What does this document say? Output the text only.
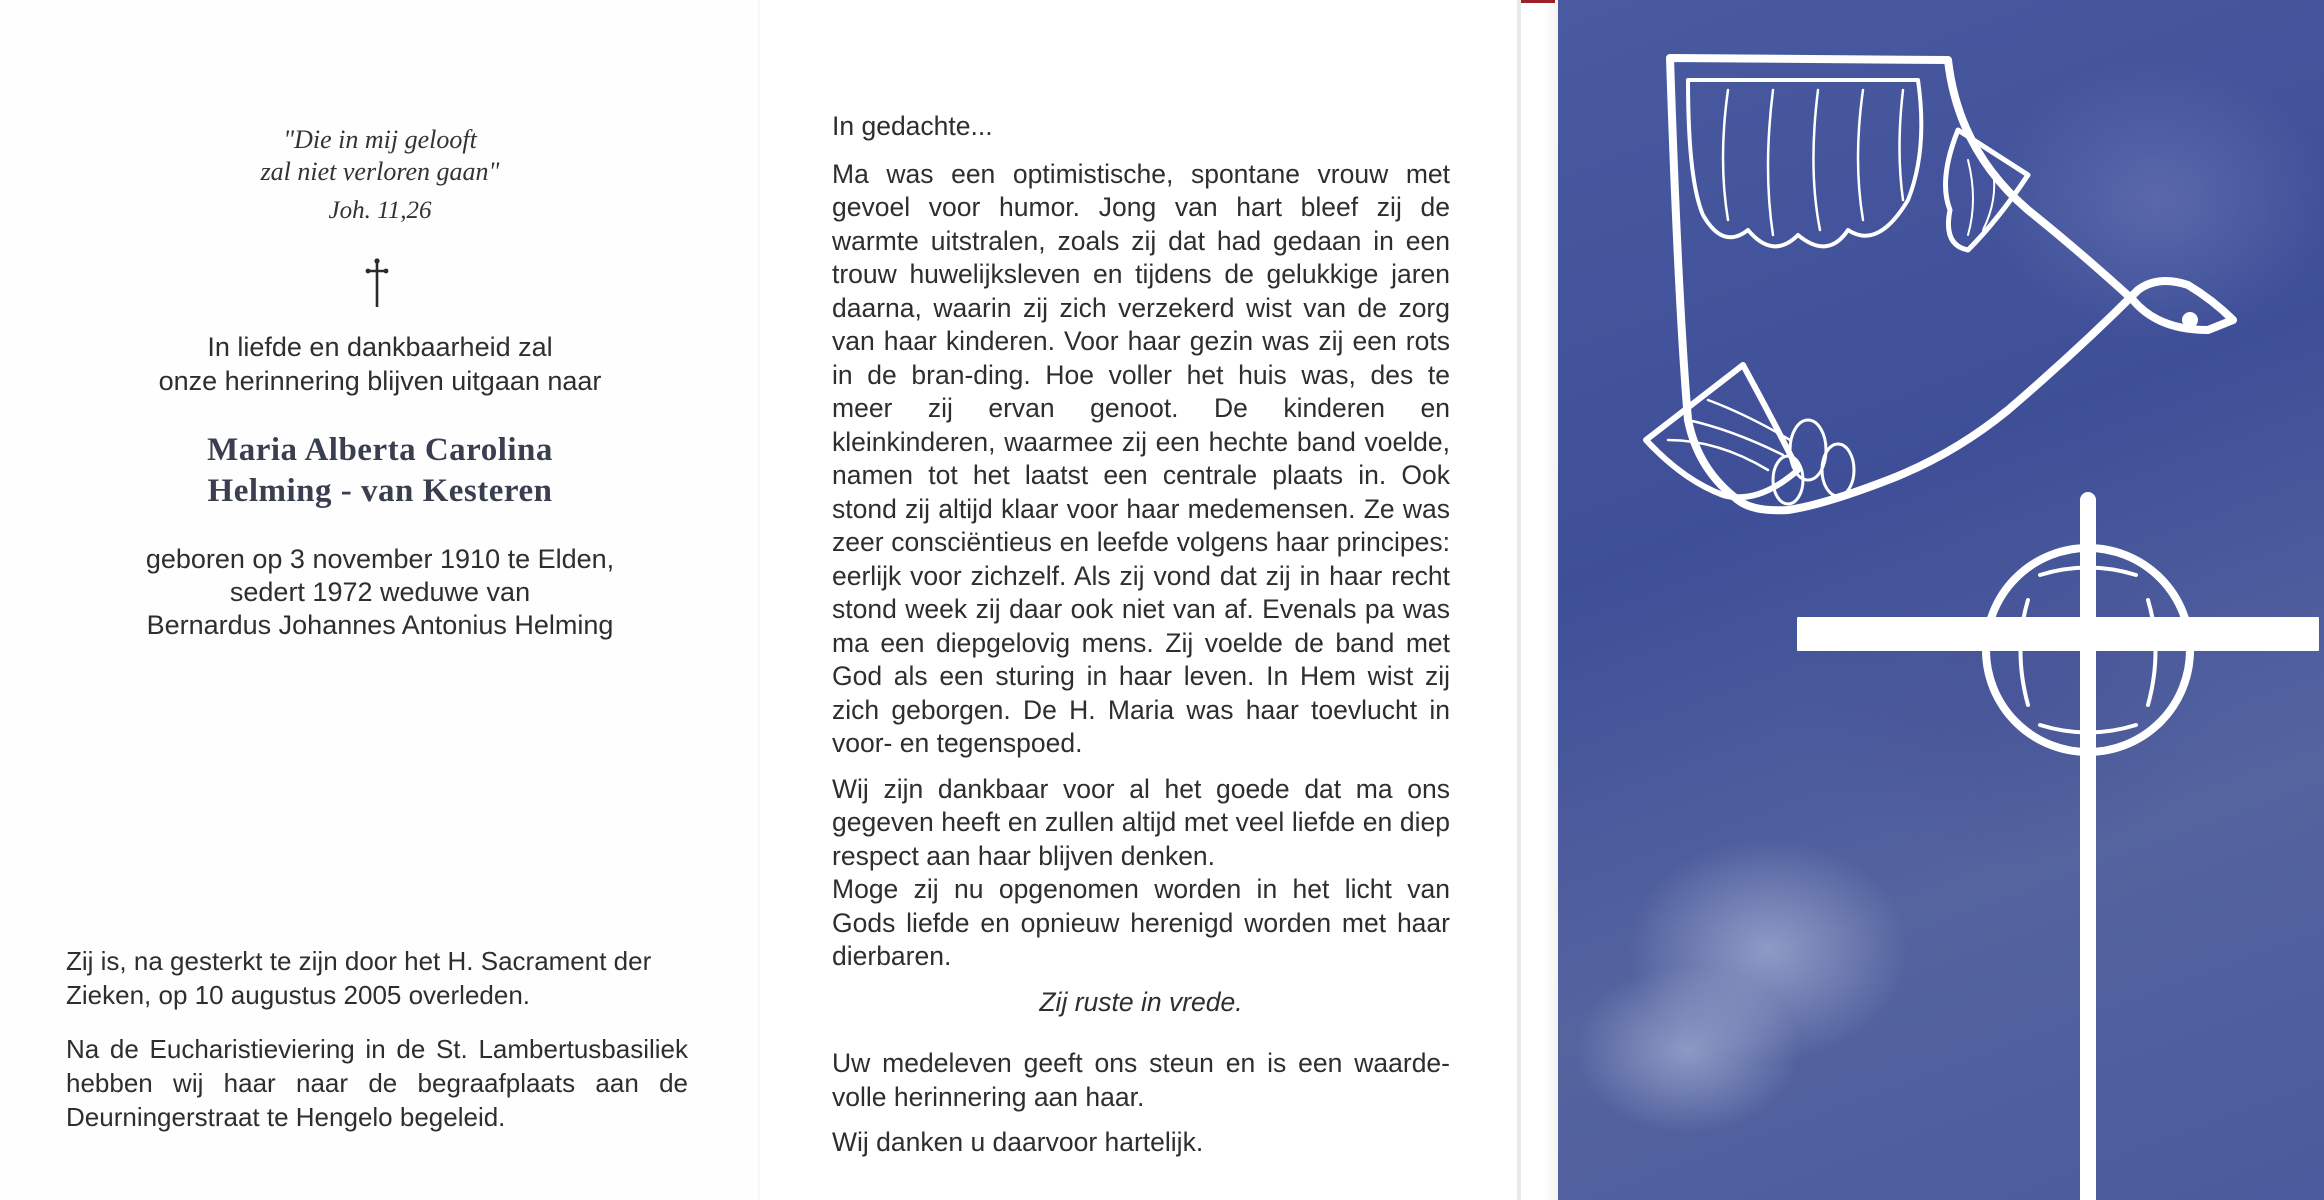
"Die in mij gelooft
zal niet verloren gaan"
Joh. 11,26
In liefde en dankbaarheid zal
onze herinnering blijven uitgaan naar
Maria Alberta Carolina
Helming - van Kesteren
geboren op 3 november 1910 te Elden,
sedert 1972 weduwe van
Bernardus Johannes Antonius Helming
Zij is, na gesterkt te zijn door het H. Sacrament der Zieken, op 10 augustus 2005 overleden.
Na de Eucharistieviering in de St. Lambertusbasiliek hebben wij haar naar de begraafplaats aan de Deurningerstraat te Hengelo begeleid.

In gedachte...

Ma was een optimistische, spontane vrouw met gevoel voor humor. Jong van hart bleef zij de warmte uitstralen, zoals zij dat had gedaan in een trouw huwelijksleven en tijdens de gelukkige jaren daarna, waarin zij zich verzekerd wist van de zorg van haar kinderen. Voor haar gezin was zij een rots in de bran-ding. Hoe voller het huis was, des te meer zij ervan genoot. De kinderen en kleinkinderen, waarmee zij een hechte band voelde, namen tot het laatst een centrale plaats in. Ook stond zij altijd klaar voor haar medemensen. Ze was zeer consciëntieus en leefde volgens haar principes: eerlijk voor zichzelf. Als zij vond dat zij in haar recht stond week zij daar ook niet van af. Evenals pa was ma een diepgelovig mens. Zij voelde de band met God als een sturing in haar leven. In Hem wist zij zich geborgen. De H. Maria was haar toevlucht in voor- en tegenspoed.

Wij zijn dankbaar voor al het goede dat ma ons gegeven heeft en zullen altijd met veel liefde en diep respect aan haar blijven denken.

Moge zij nu opgenomen worden in het licht van Gods liefde en opnieuw herenigd worden met haar dierbaren.

Zij ruste in vrede.

Uw medeleven geeft ons steun en is een waarde-volle herinnering aan haar.

Wij danken u daarvoor hartelijk.
